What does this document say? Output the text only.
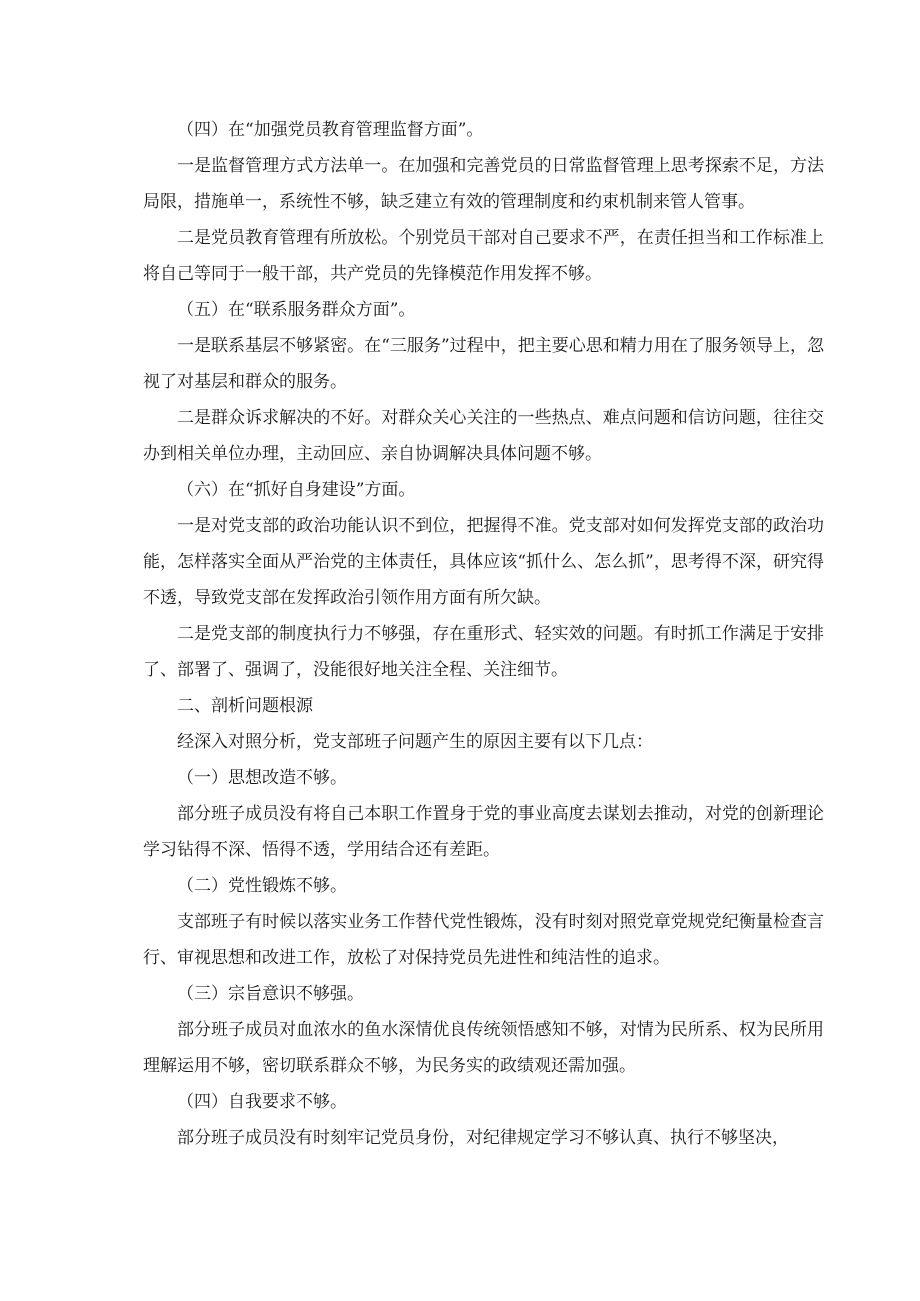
（四）在“加强党员教育管理监督方面”。

一是监督管理方式方法单一。在加强和完善党员的日常监督管理上思考探索不足，方法局限，措施单一，系统性不够，缺乏建立有效的管理制度和约束机制来管人管事。

二是党员教育管理有所放松。个别党员干部对自己要求不严，在责任担当和工作标准上将自己等同于一般干部，共产党员的先锋模范作用发挥不够。

（五）在“联系服务群众方面”。

一是联系基层不够紧密。在“三服务”过程中，把主要心思和精力用在了服务领导上，忽视了对基层和群众的服务。

二是群众诉求解决的不好。对群众关心关注的一些热点、难点问题和信访问题，往往交办到相关单位办理，主动回应、亲自协调解决具体问题不够。

（六）在“抓好自身建设”方面。

一是对党支部的政治功能认识不到位，把握得不准。党支部对如何发挥党支部的政治功能，怎样落实全面从严治党的主体责任，具体应该“抓什么、怎么抓”，思考得不深，研究得不透，导致党支部在发挥政治引领作用方面有所欠缺。

二是党支部的制度执行力不够强，存在重形式、轻实效的问题。有时抓工作满足于安排了、部署了、强调了，没能很好地关注全程、关注细节。

二、剖析问题根源

经深入对照分析，党支部班子问题产生的原因主要有以下几点：

（一）思想改造不够。

部分班子成员没有将自己本职工作置身于党的事业高度去谋划去推动，对党的创新理论学习钻得不深、悟得不透，学用结合还有差距。

（二）党性锻炼不够。

支部班子有时候以落实业务工作替代党性锻炼，没有时刻对照党章党规党纪衡量检查言行、审视思想和改进工作，放松了对保持党员先进性和纯洁性的追求。

（三）宗旨意识不够强。

部分班子成员对血浓水的鱼水深情优良传统领悟感知不够，对情为民所系、权为民所用理解运用不够，密切联系群众不够，为民务实的政绩观还需加强。

（四）自我要求不够。

部分班子成员没有时刻牢记党员身份，对纪律规定学习不够认真、执行不够坚决，
